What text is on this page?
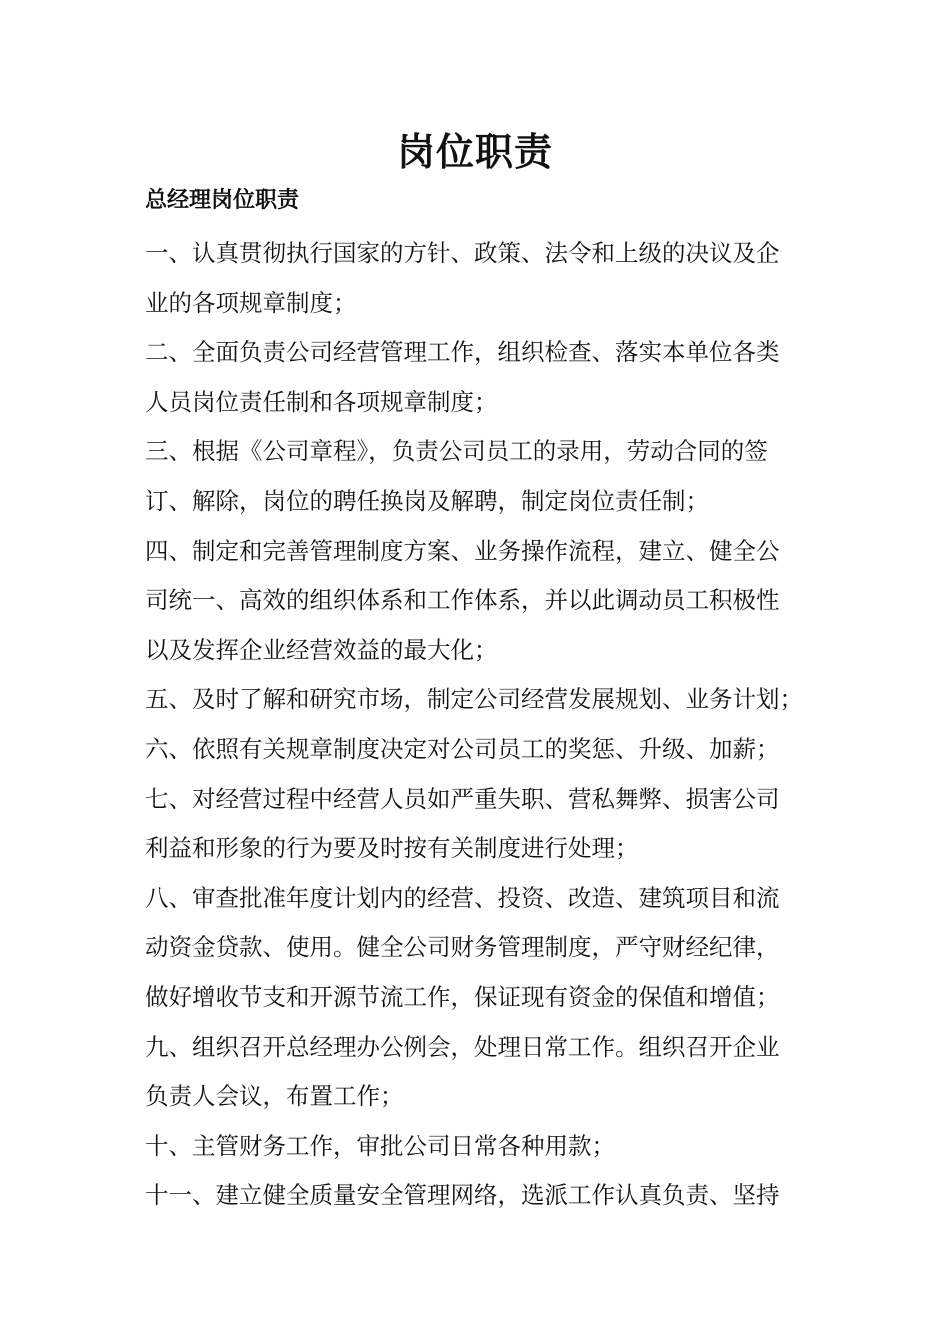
岗位职责
总经理岗位职责
一、认真贯彻执行国家的方针、政策、法令和上级的决议及企
业的各项规章制度；
二、全面负责公司经营管理工作，组织检查、落实本单位各类
人员岗位责任制和各项规章制度；
三、根据《公司章程》，负责公司员工的录用，劳动合同的签
订、解除，岗位的聘任换岗及解聘，制定岗位责任制；
四、制定和完善管理制度方案、业务操作流程，建立、健全公
司统一、高效的组织体系和工作体系，并以此调动员工积极性
以及发挥企业经营效益的最大化；
五、及时了解和研究市场，制定公司经营发展规划、业务计划；
六、依照有关规章制度决定对公司员工的奖惩、升级、加薪；
七、对经营过程中经营人员如严重失职、营私舞弊、损害公司
利益和形象的行为要及时按有关制度进行处理；
八、审查批准年度计划内的经营、投资、改造、建筑项目和流
动资金贷款、使用。健全公司财务管理制度，严守财经纪律，
做好增收节支和开源节流工作，保证现有资金的保值和增值；
九、组织召开总经理办公例会，处理日常工作。组织召开企业
负责人会议，布置工作；
十、主管财务工作，审批公司日常各种用款；
十一、建立健全质量安全管理网络，选派工作认真负责、坚持
